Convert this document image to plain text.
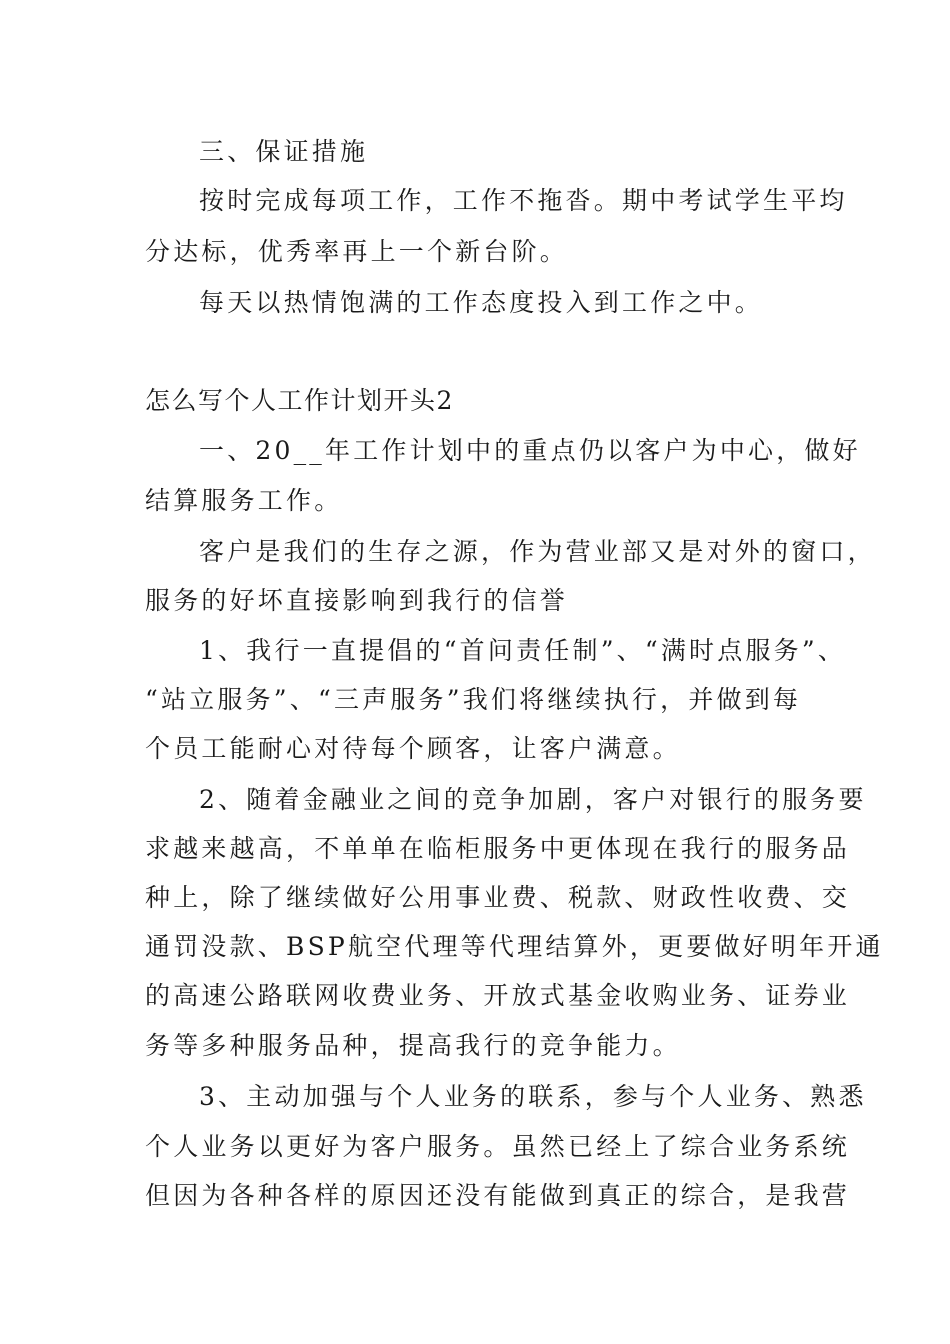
三、保证措施
按时完成每项工作，工作不拖沓。期中考试学生平均
分达标，优秀率再上一个新台阶。
每天以热情饱满的工作态度投入到工作之中。
怎么写个人工作计划开头2
一、20__年工作计划中的重点仍以客户为中心，做好
结算服务工作。
客户是我们的生存之源，作为营业部又是对外的窗口，
服务的好坏直接影响到我行的信誉
1、我行一直提倡的“首问责任制”、“满时点服务”、
“站立服务”、“三声服务”我们将继续执行，并做到每
个员工能耐心对待每个顾客，让客户满意。
2、随着金融业之间的竞争加剧，客户对银行的服务要
求越来越高，不单单在临柜服务中更体现在我行的服务品
种上，除了继续做好公用事业费、税款、财政性收费、交
通罚没款、BSP航空代理等代理结算外，更要做好明年开通
的高速公路联网收费业务、开放式基金收购业务、证券业
务等多种服务品种，提高我行的竞争能力。
3、主动加强与个人业务的联系，参与个人业务、熟悉
个人业务以更好为客户服务。虽然已经上了综合业务系统
但因为各种各样的原因还没有能做到真正的综合，是我营
